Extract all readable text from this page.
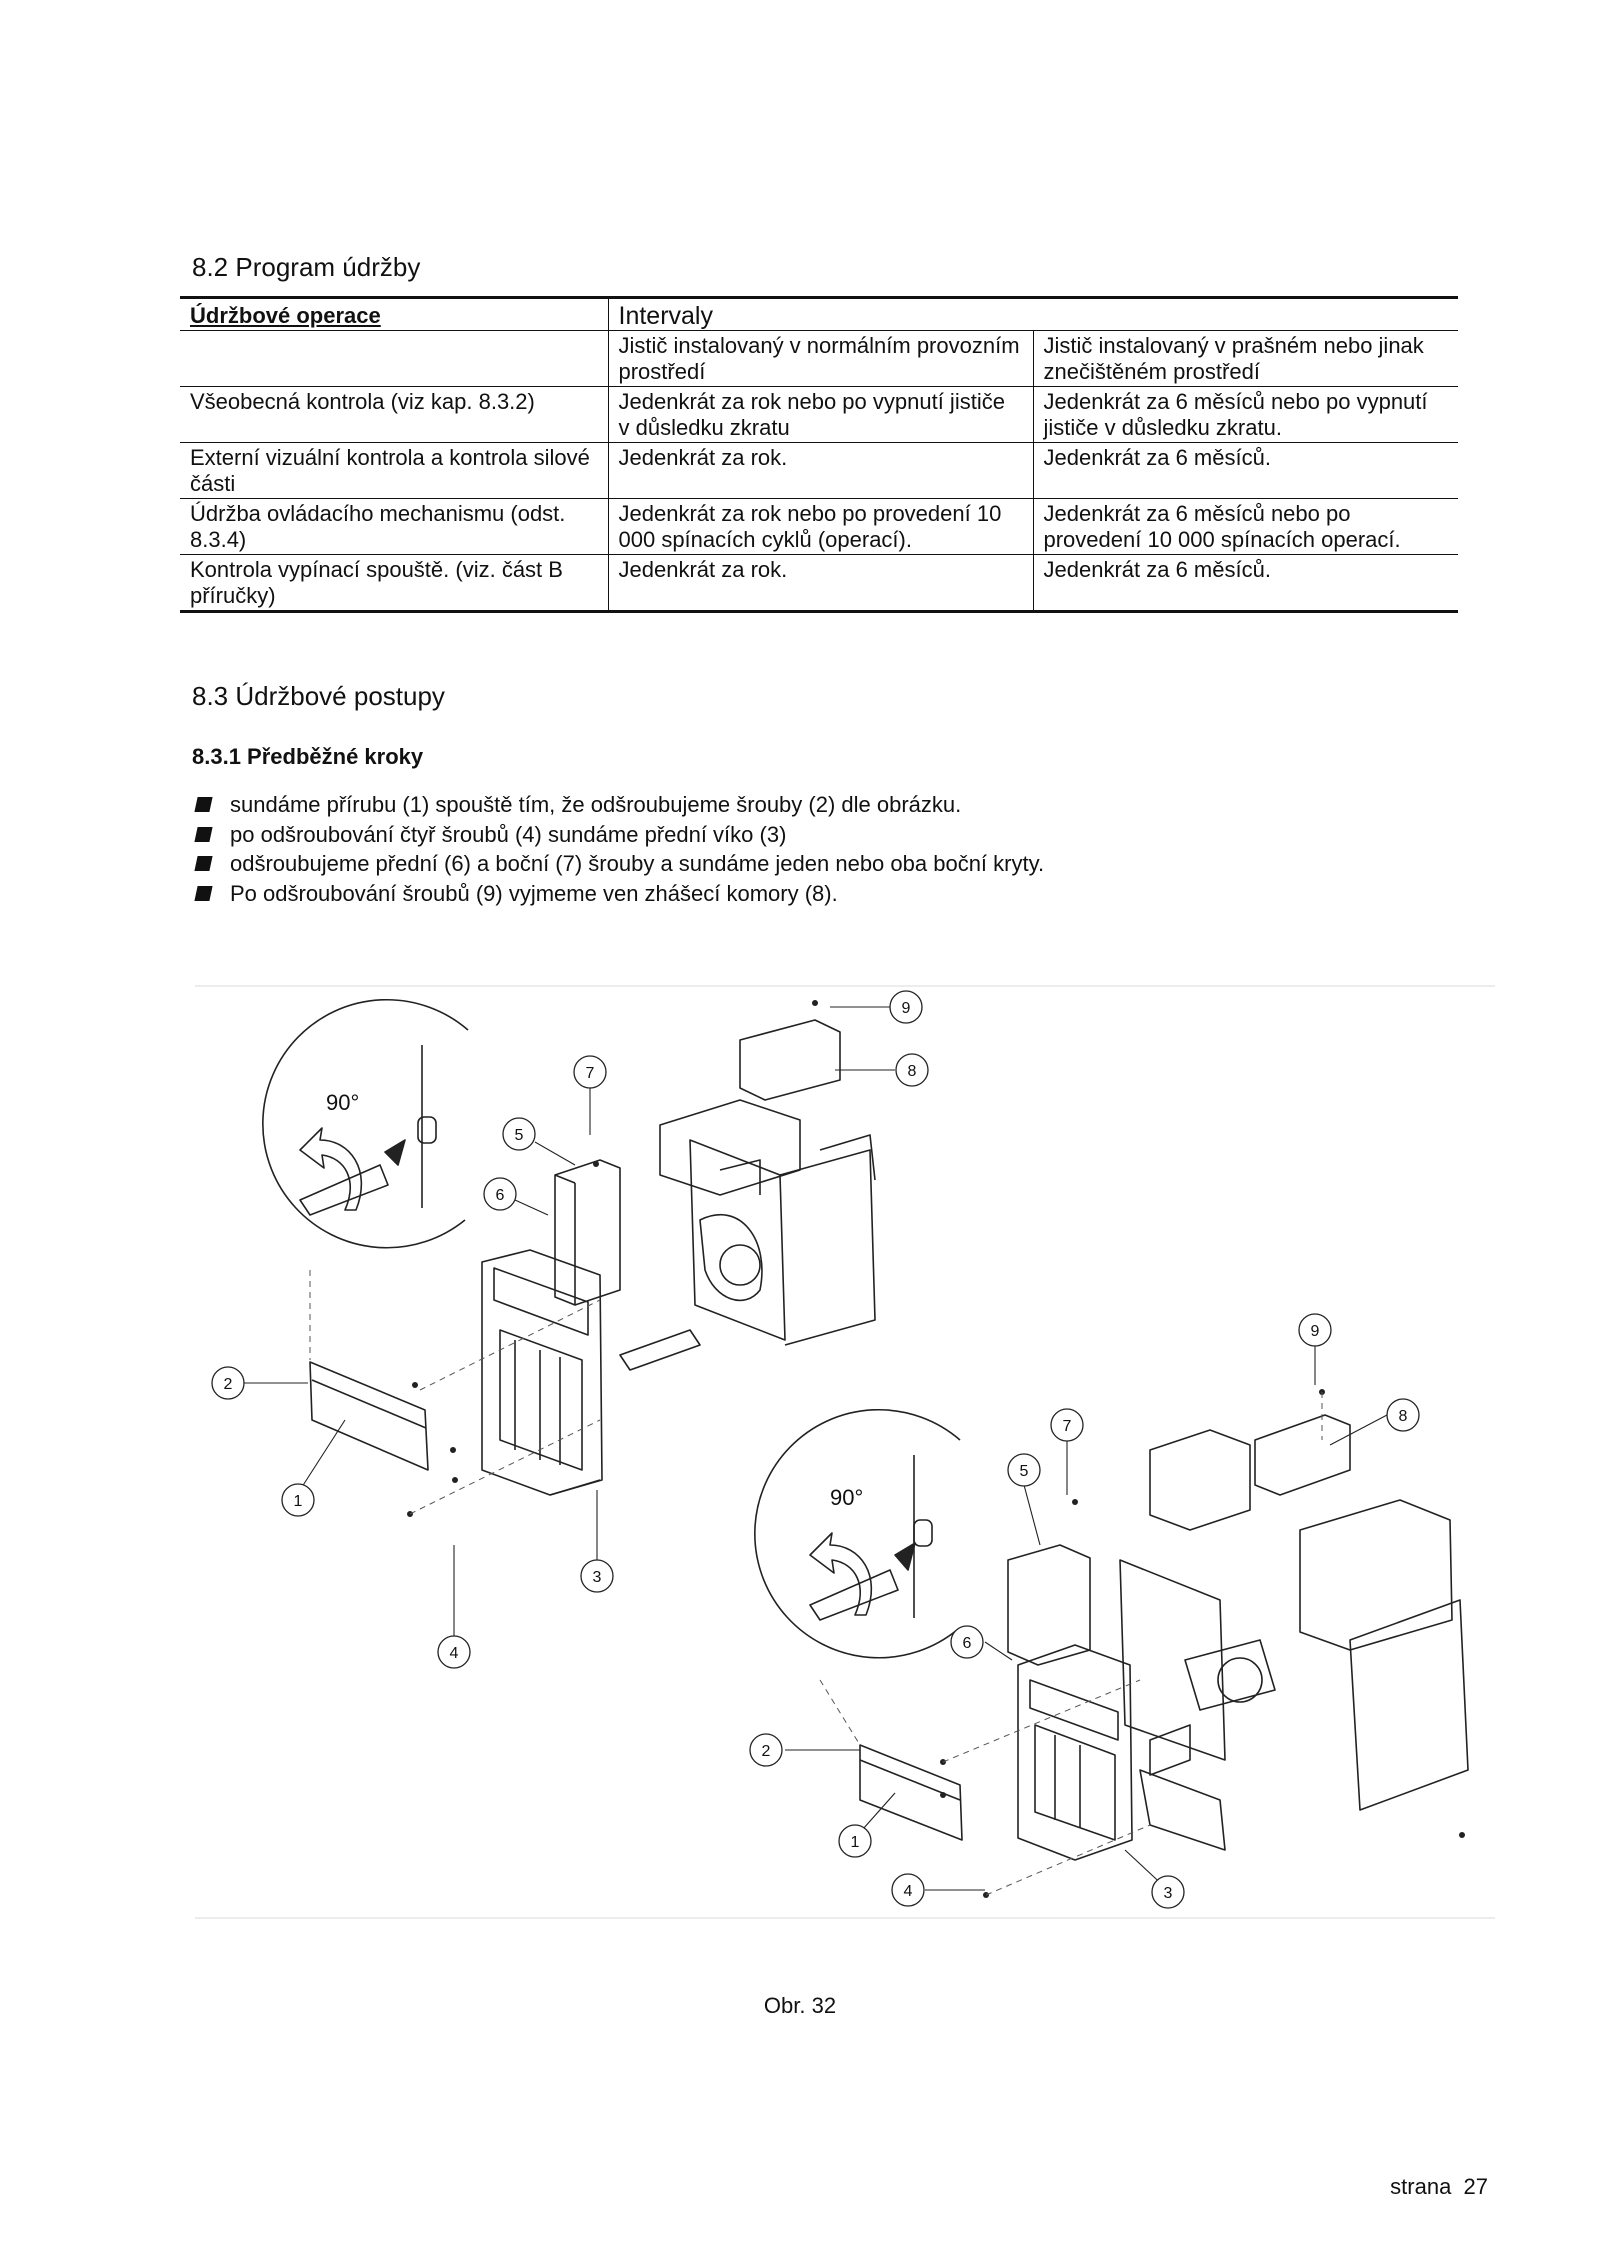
8.2 Program údržby
Údržbové operace	Intervaly	
	Jistič instalovaný v normálním provozním prostředí	Jistič instalovaný v prašném nebo jinak znečištěném prostředí
Všeobecná kontrola (viz kap. 8.3.2)	Jedenkrát za rok nebo po vypnutí jističe v důsledku zkratu	Jedenkrát za 6 měsíců nebo po vypnutí jističe v důsledku zkratu.
Externí vizuální kontrola a kontrola silové části	Jedenkrát za rok.	Jedenkrát za 6 měsíců.
Údržba ovládacího mechanismu (odst. 8.3.4)	Jedenkrát za rok nebo po provedení 10 000 spínacích cyklů (operací).	Jedenkrát za 6 měsíců nebo po provedení 10 000 spínacích operací.
Kontrola vypínací spouště. (viz. část B příručky)	Jedenkrát za rok.	Jedenkrát za 6 měsíců.
8.3 Údržbové postupy
8.3.1 Předběžné kroky
sundáme přírubu (1) spouště tím, že odšroubujeme šrouby (2) dle obrázku.
po odšroubování čtyř šroubů (4) sundáme přední víko (3)
odšroubujeme přední (6) a boční (7) šrouby a sundáme jeden nebo oba boční kryty.
Po odšroubování šroubů (9) vyjmeme ven zhášecí komory (8).
90°
90°
9
8
7
5
6
2
1
3
4
9
8
7
5
6
2
1
4	3
Obr. 32
strana  27
